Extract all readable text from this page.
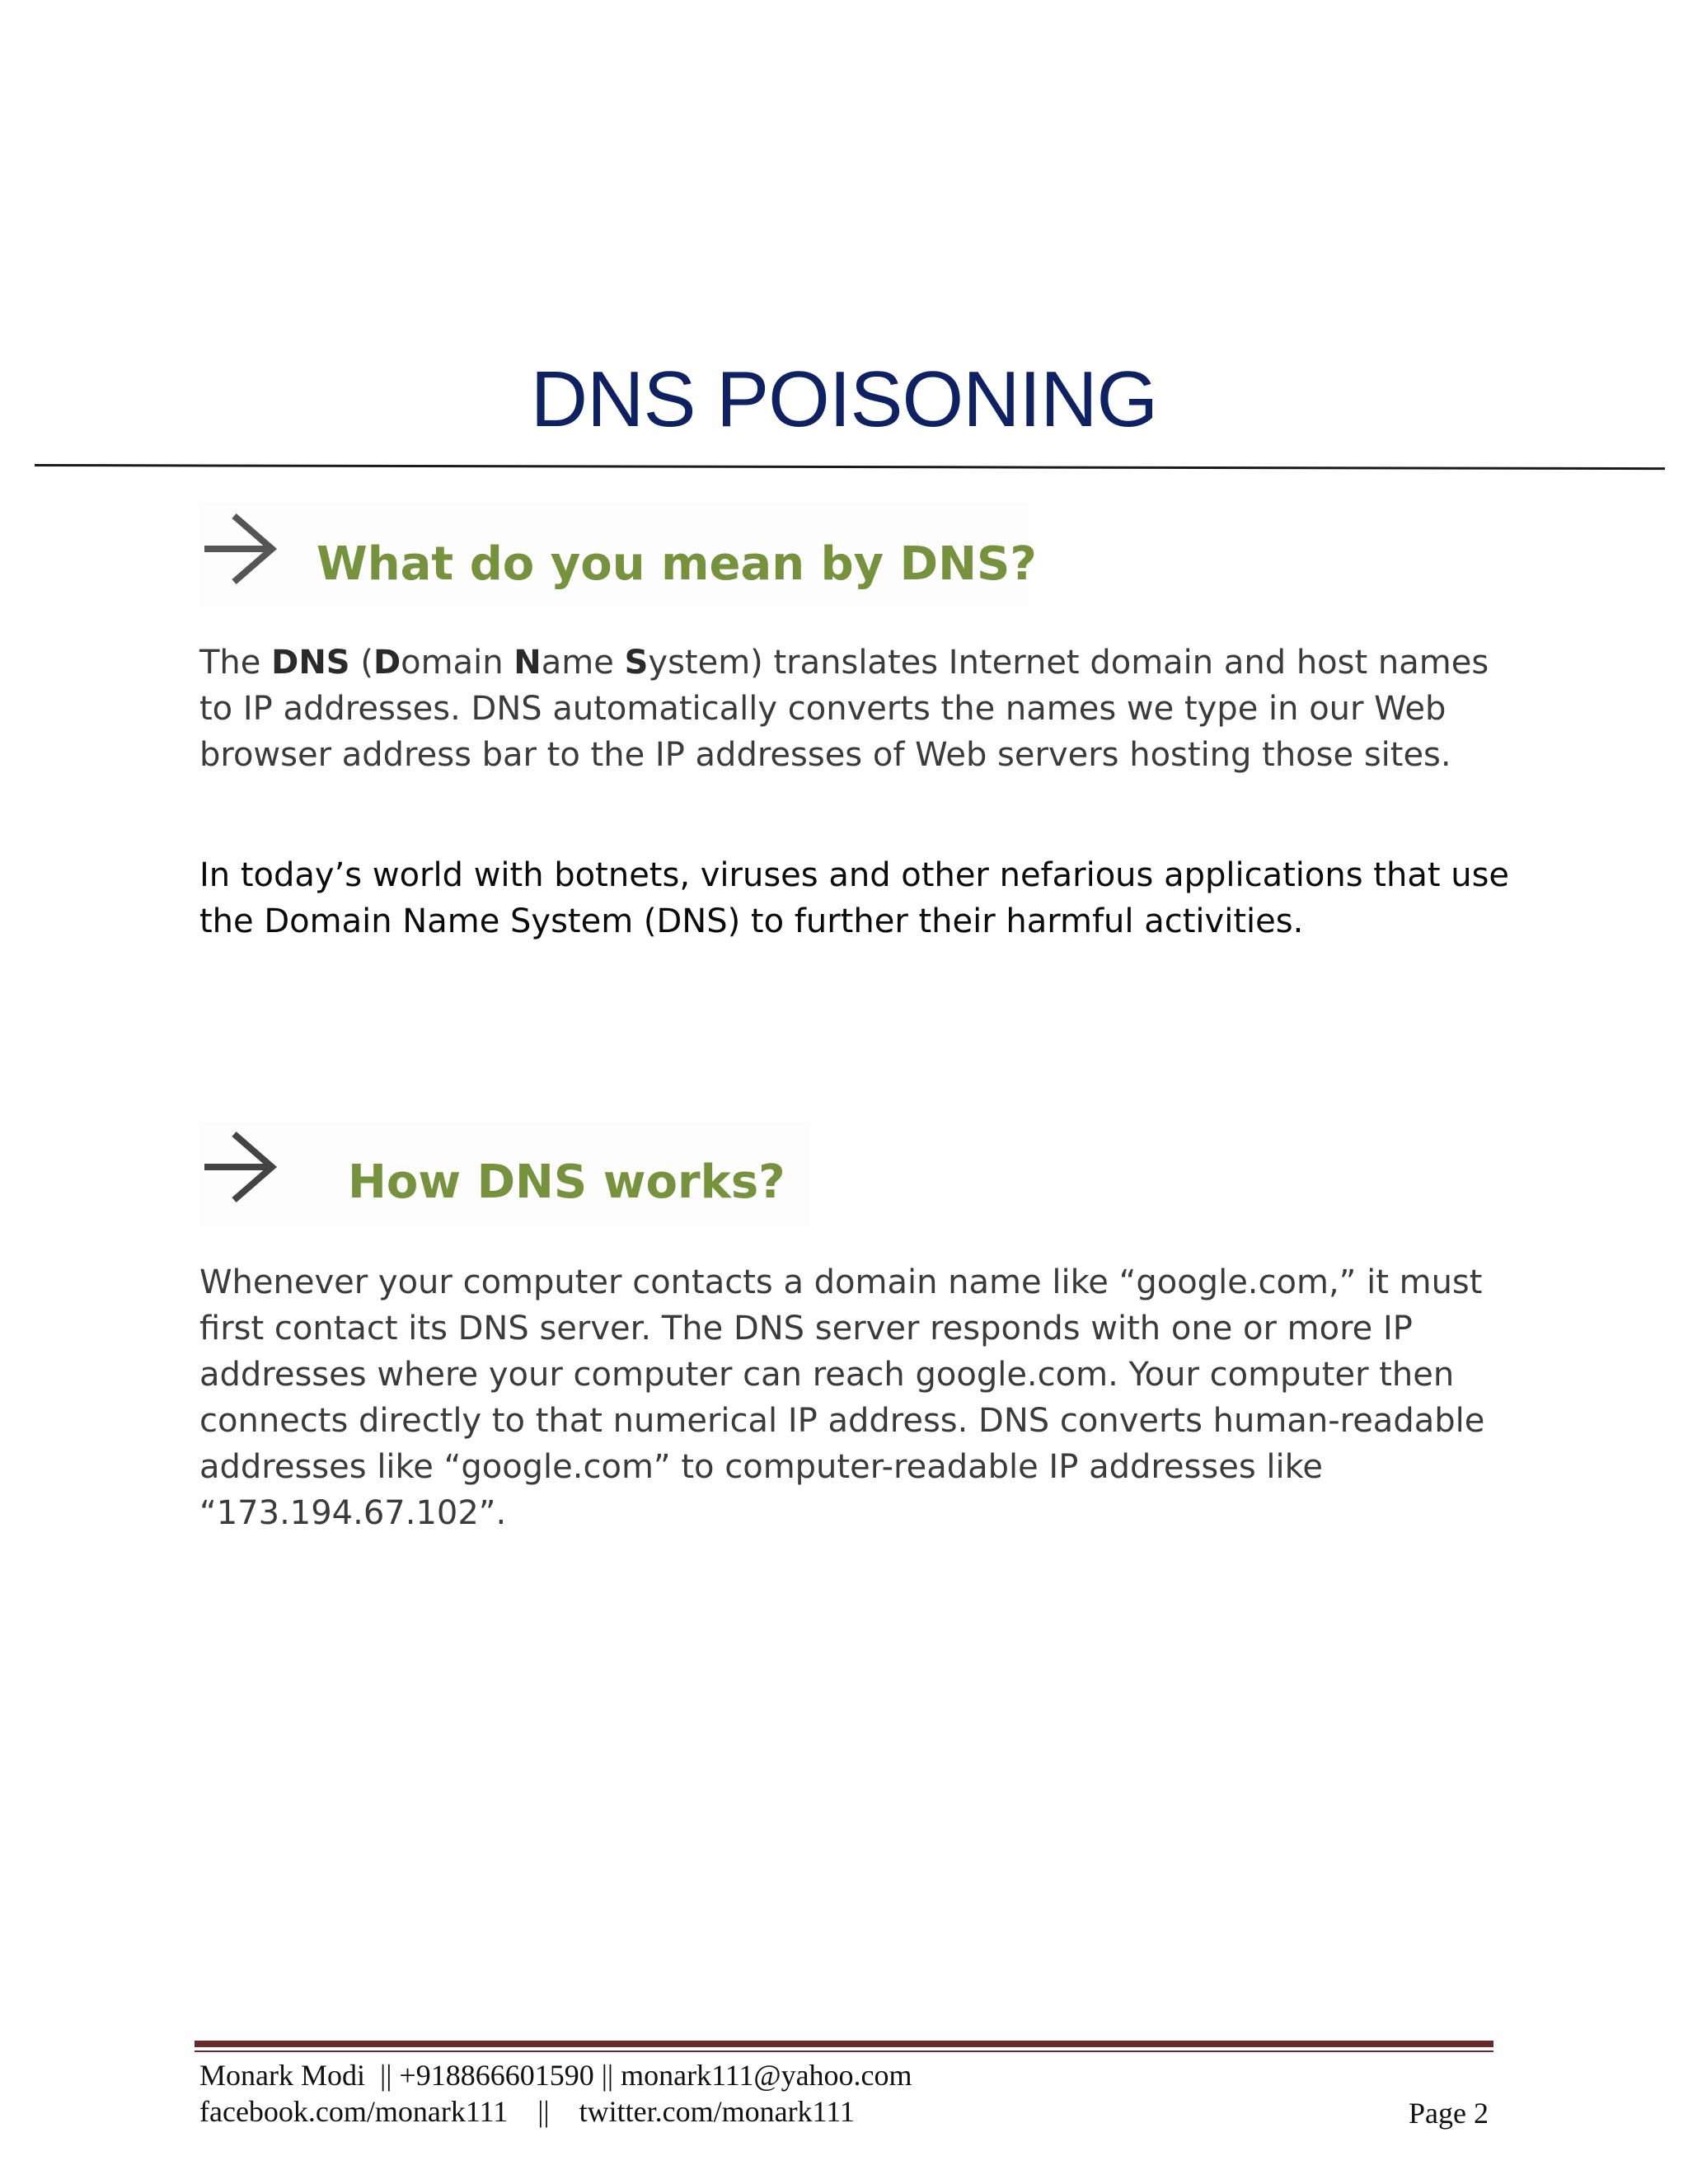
DNS POISONING
What do you mean by DNS?

The DNS (Domain Name System) translates Internet domain and host names to IP addresses. DNS automatically converts the names we type in our Web browser address bar to the IP addresses of Web servers hosting those sites.

In today’s world with botnets, viruses and other nefarious applications that use the Domain Name System (DNS) to further their harmful activities.

How DNS works?

Whenever your computer contacts a domain name like “google.com,” it must first contact its DNS server. The DNS server responds with one or more IP addresses where your computer can reach google.com. Your computer then connects directly to that numerical IP address. DNS converts human-readable addresses like “google.com” to computer-readable IP addresses like “173.194.67.102”.

Monark Modi  || +918866601590 || monark111@yahoo.com
facebook.com/monark111    ||    twitter.com/monark111	Page 2
